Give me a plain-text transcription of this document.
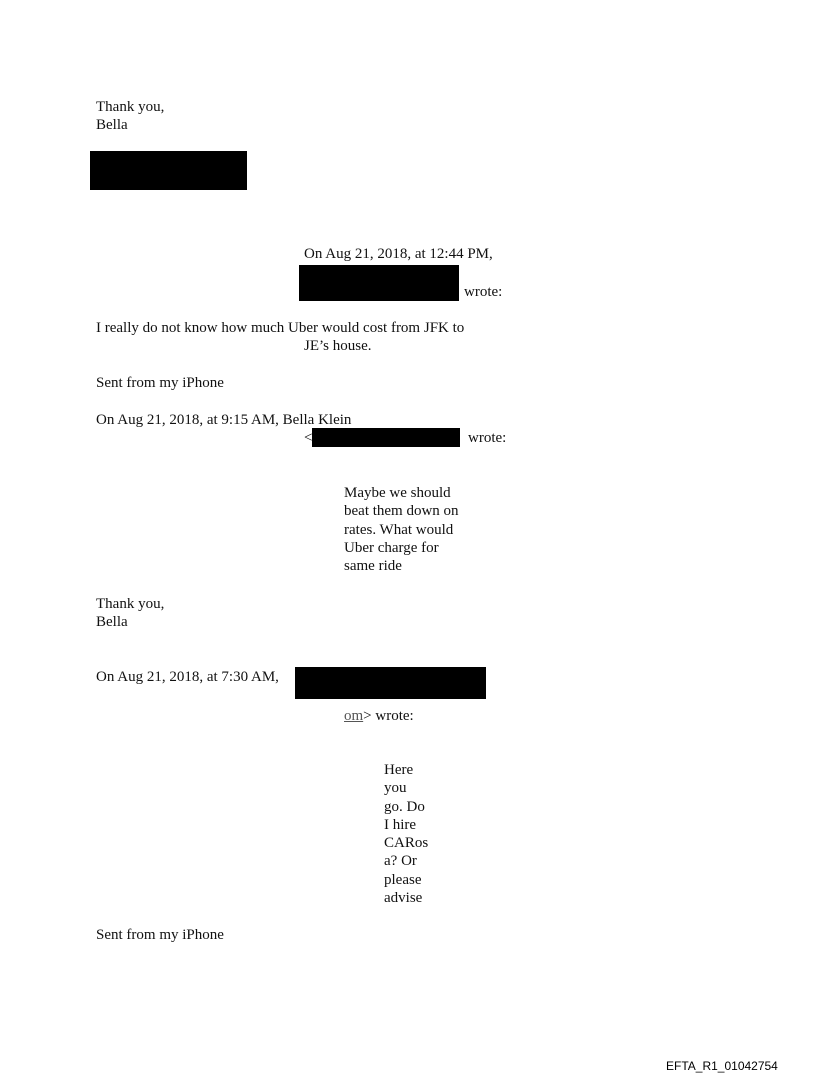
Thank you,
Bella
On Aug 21, 2018, at 12:44 PM,
wrote:
I really do not know how much Uber would cost from JFK to
JE’s house.
Sent from my iPhone
On Aug 21, 2018, at 9:15 AM, Bella Klein
<	wrote:
Maybe we should
beat them down on
rates. What would
Uber charge for
same ride
Thank you,
Bella
On Aug 21, 2018, at 7:30 AM,
om> wrote:
Here
you
go. Do
I hire
CARos
a? Or
please
advise
Sent from my iPhone
EFTA_R1_01042754
